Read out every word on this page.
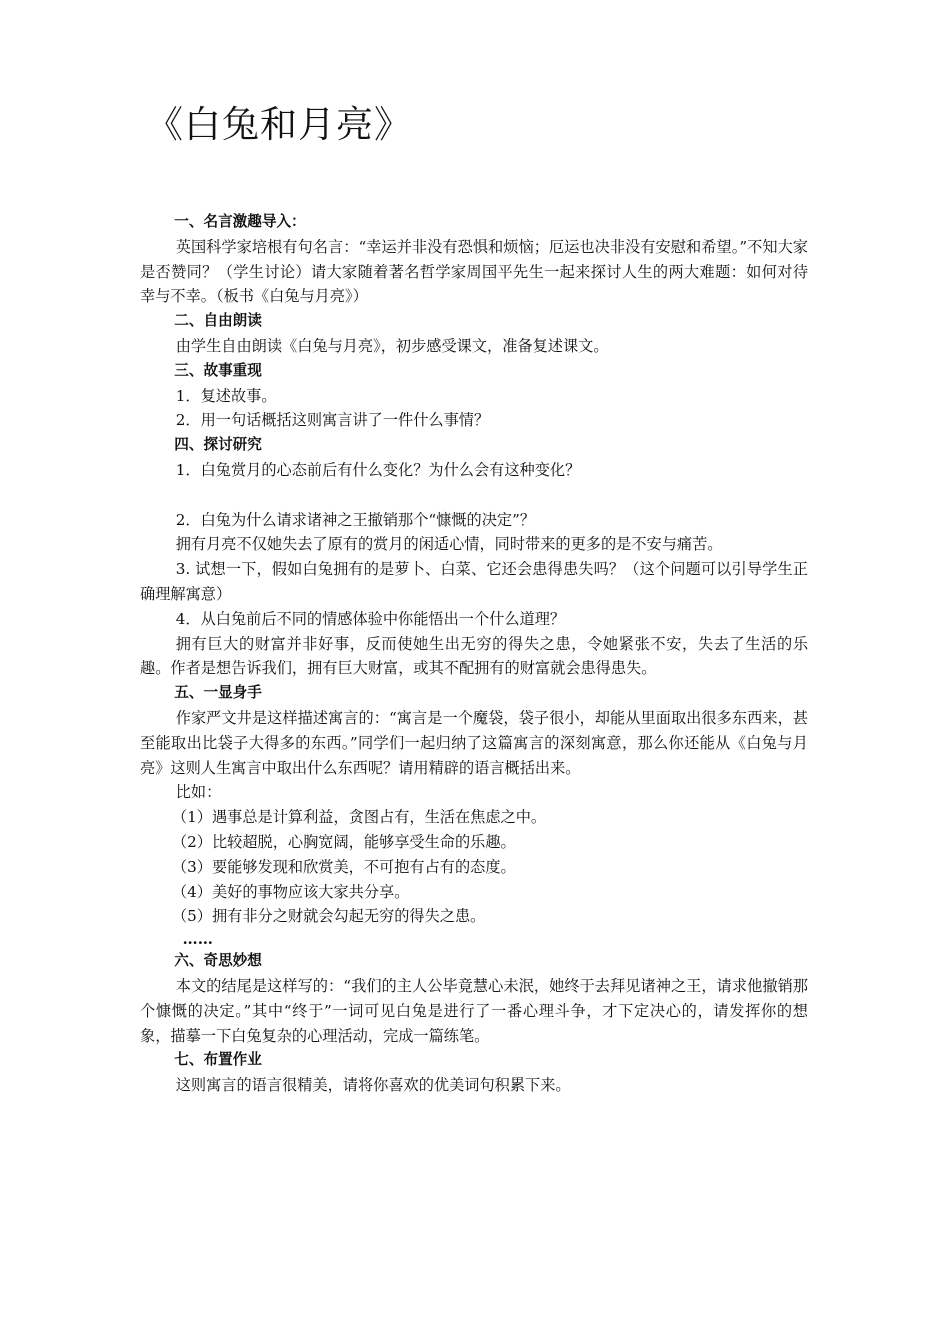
《白兔和月亮》
一、名言激趣导入：

英国科学家培根有句名言：“幸运并非没有恐惧和烦恼；厄运也决非没有安慰和希望。”不知大家是否赞同？（学生讨论）请大家随着著名哲学家周国平先生一起来探讨人生的两大难题：如何对待幸与不幸。（板书《白兔与月亮》）

二、自由朗读

由学生自由朗读《白兔与月亮》，初步感受课文，准备复述课文。

三、故事重现

1．复述故事。

2．用一句话概括这则寓言讲了一件什么事情？

四、探讨研究

1．白兔赏月的心态前后有什么变化？为什么会有这种变化？

2．白兔为什么请求诸神之王撤销那个“慷慨的决定”？

拥有月亮不仅她失去了原有的赏月的闲适心情，同时带来的更多的是不安与痛苦。

3. 试想一下，假如白兔拥有的是萝卜、白菜、它还会患得患失吗？（这个问题可以引导学生正确理解寓意）

4．从白兔前后不同的情感体验中你能悟出一个什么道理？

拥有巨大的财富并非好事，反而使她生出无穷的得失之患，令她紧张不安，失去了生活的乐趣。作者是想告诉我们，拥有巨大财富，或其不配拥有的财富就会患得患失。

五、一显身手

作家严文井是这样描述寓言的：“寓言是一个魔袋，袋子很小，却能从里面取出很多东西来，甚至能取出比袋子大得多的东西。”同学们一起归纳了这篇寓言的深刻寓意，那么你还能从《白兔与月亮》这则人生寓言中取出什么东西呢？请用精辟的语言概括出来。

比如：

（1）遇事总是计算利益，贪图占有，生活在焦虑之中。

（2）比较超脱，心胸宽阔，能够享受生命的乐趣。

（3）要能够发现和欣赏美，不可抱有占有的态度。

（4）美好的事物应该大家共分享。

（5）拥有非分之财就会勾起无穷的得失之患。

……

六、奇思妙想

本文的结尾是这样写的：“我们的主人公毕竟慧心未泯，她终于去拜见诸神之王，请求他撤销那个慷慨的决定。”其中“终于”一词可见白兔是进行了一番心理斗争，才下定决心的，请发挥你的想象，描摹一下白兔复杂的心理活动，完成一篇练笔。

七、布置作业

这则寓言的语言很精美，请将你喜欢的优美词句积累下来。
